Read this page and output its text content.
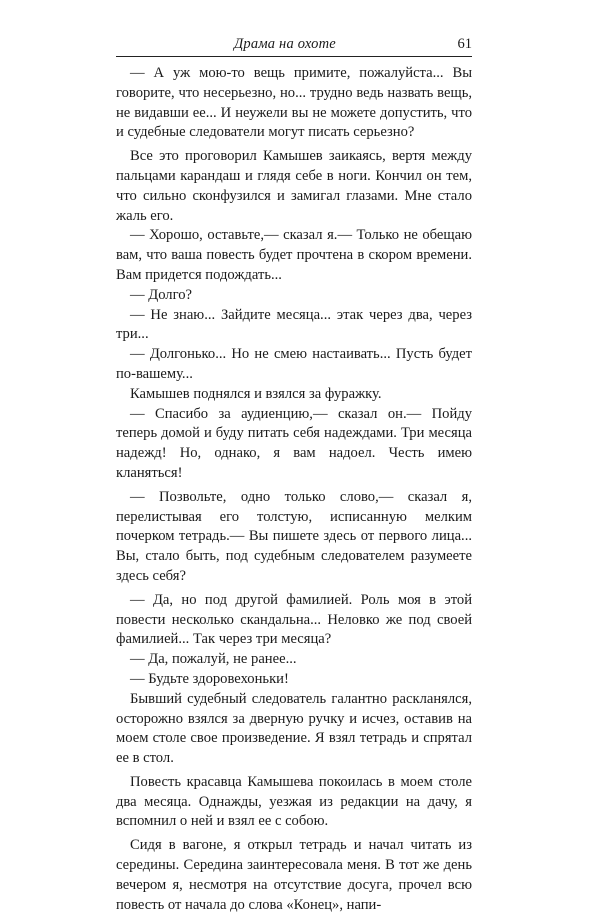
Драма на охоте	61

— А уж мою-то вещь примите, пожалуйста... Вы говорите, что несерьезно, но... трудно ведь назвать вещь, не видавши ее... И неужели вы не можете допустить, что и судебные следователи могут писать серьезно?

Все это проговорил Камышев заикаясь, вертя между пальцами карандаш и глядя себе в ноги. Кончил он тем, что сильно сконфузился и замигал глазами. Мне стало жаль его.

— Хорошо, оставьте,— сказал я.— Только не обещаю вам, что ваша повесть будет прочтена в скором времени. Вам придется подождать...

— Долго?

— Не знаю... Зайдите месяца... этак через два, через три...

— Долгонько... Но не смею настаивать... Пусть будет по-вашему...

Камышев поднялся и взялся за фуражку.

— Спасибо за аудиенцию,— сказал он.— Пойду теперь домой и буду питать себя надеждами. Три месяца надежд! Но, однако, я вам надоел. Честь имею кланяться!

— Позвольте, одно только слово,— сказал я, перелистывая его толстую, исписанную мелким почерком тетрадь.— Вы пишете здесь от первого лица... Вы, стало быть, под судебным следователем разумеете здесь себя?

— Да, но под другой фамилией. Роль моя в этой повести несколько скандальна... Неловко же под своей фамилией... Так через три месяца?

— Да, пожалуй, не ранее...

— Будьте здоровехоньки!

Бывший судебный следователь галантно раскланялся, осторожно взялся за дверную ручку и исчез, оставив на моем столе свое произведение. Я взял тетрадь и спрятал ее в стол.

Повесть красавца Камышева покоилась в моем столе два месяца. Однажды, уезжая из редакции на дачу, я вспомнил о ней и взял ее с собою.

Сидя в вагоне, я открыл тетрадь и начал читать из середины. Середина заинтересовала меня. В тот же день вечером я, несмотря на отсутствие досуга, прочел всю повесть от начала до слова «Конец», напи-
